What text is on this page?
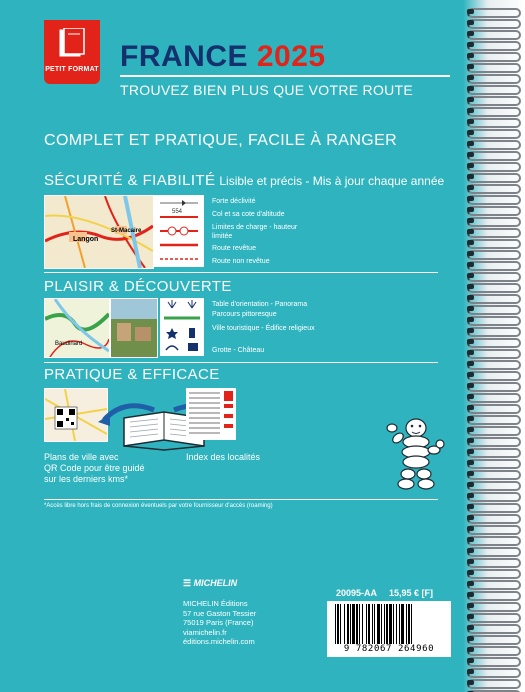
PETIT FORMAT FRANCE 2025
TROUVEZ BIEN PLUS QUE VOTRE ROUTE
COMPLET ET PRATIQUE, FACILE À RANGER
SÉCURITÉ & FIABILITÉ Lisible et précis - Mis à jour chaque année
Langon
St-Macaire
554
Forte déclivité
Col et sa cote d'altitude
Limites de charge - hauteur limitée
Route revêtue
Route non revêtue
PLAISIR & DÉCOUVERTE
Baudinard
Table d'orientation - Panorama
Parcours pittoresque
Ville touristique - Édifice religieux
Grotte - Château
PRATIQUE & EFFICACE
Plans de ville avec
QR Code pour être guidé
sur les derniers kms*
Index des localités
*Accès libre hors frais de connexion éventuels par votre fournisseur d'accès (roaming)
☰ MICHELIN
MICHELIN Éditions
57 rue Gaston Tessier
75019 Paris (France)
viamichelin.fr
éditions.michelin.com
20095-AA 15,95 € [F]
9 782067 264960
